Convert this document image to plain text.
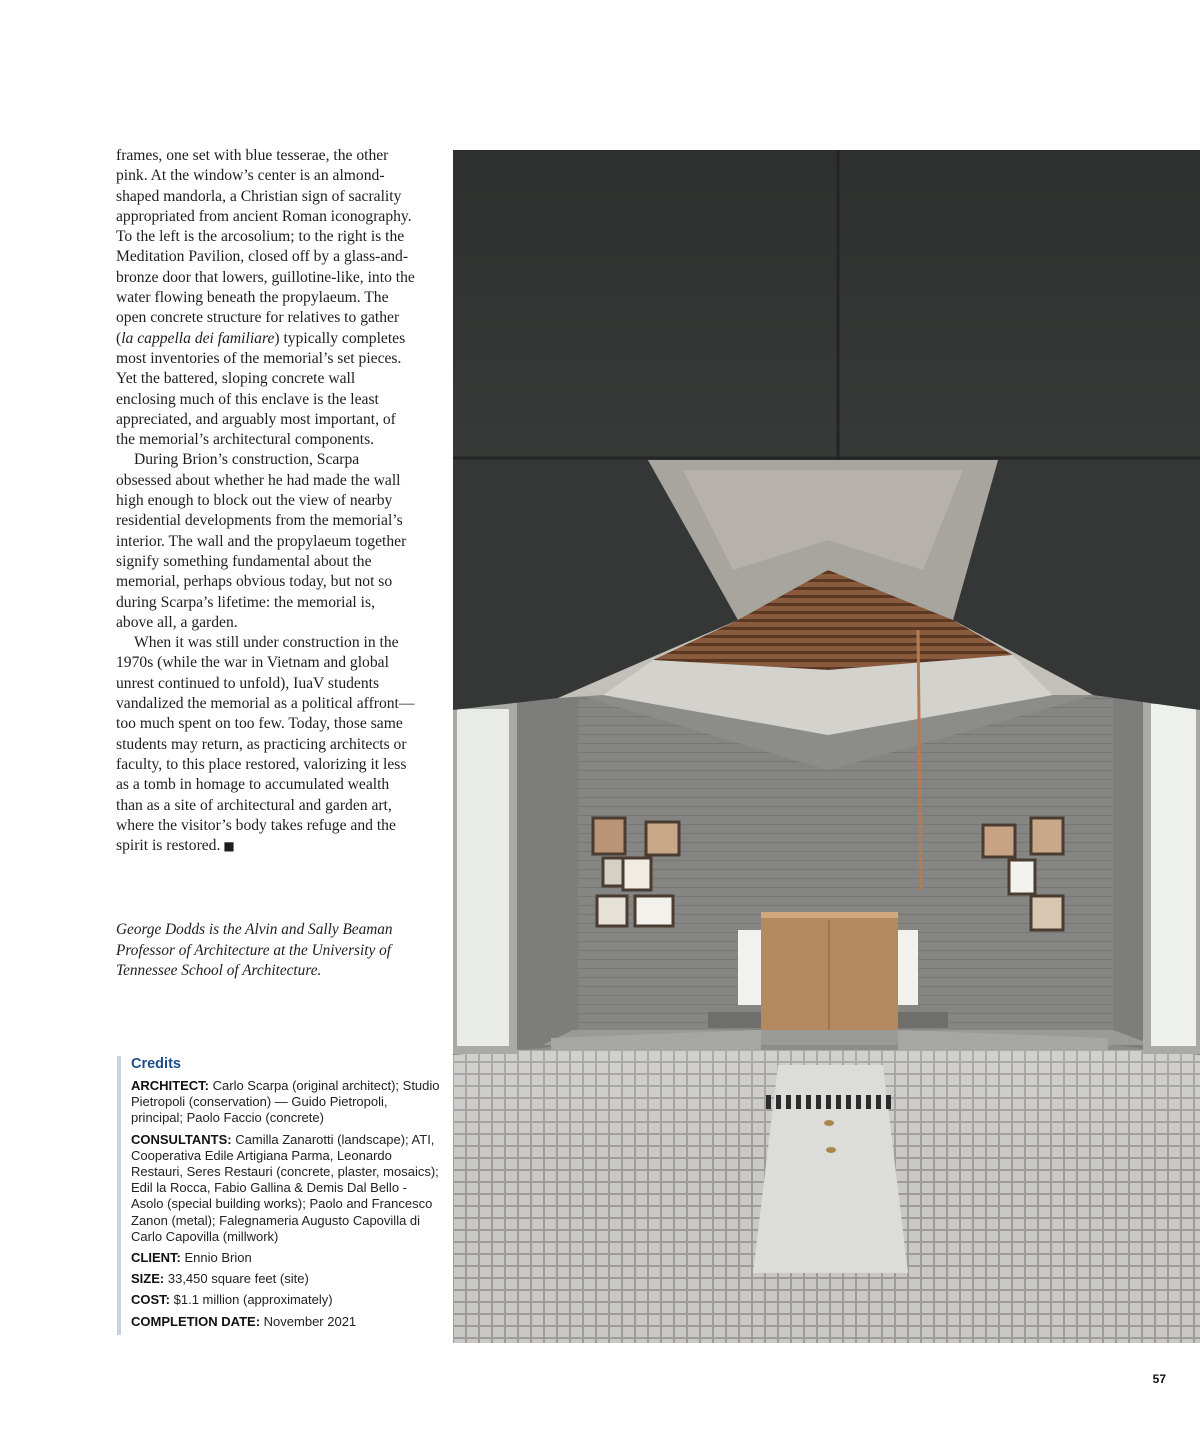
frames, one set with blue tesserae, the other pink. At the window’s center is an almond-shaped mandorla, a Christian sign of sacrality appropriated from ancient Roman iconography. To the left is the arcosolium; to the right is the Meditation Pavilion, closed off by a glass-and-bronze door that lowers, guillotine-like, into the water flowing beneath the propylaeum. The open concrete structure for relatives to gather (la cappella dei familiare) typically completes most inventories of the memorial’s set pieces. Yet the battered, sloping concrete wall enclosing much of this enclave is the least appreciated, and arguably most important, of the memorial’s architectural components.

During Brion’s construction, Scarpa obsessed about whether he had made the wall high enough to block out the view of nearby residential developments from the memorial’s interior. The wall and the propylaeum together signify something fundamental about the memorial, perhaps obvious today, but not so during Scarpa’s lifetime: the memorial is, above all, a garden.

When it was still under construction in the 1970s (while the war in Vietnam and global unrest continued to unfold), IuaV students vandalized the memorial as a political affront—too much spent on too few. Today, those same students may return, as practicing architects or faculty, to this place restored, valorizing it less as a tomb in homage to accumulated wealth than as a site of architectural and garden art, where the visitor’s body takes refuge and the spirit is restored. ■

George Dodds is the Alvin and Sally Beaman Professor of Architecture at the University of Tennessee School of Architecture.
Credits
ARCHITECT: Carlo Scarpa (original architect); Studio Pietropoli (conservation) — Guido Pietropoli, principal; Paolo Faccio (concrete)
CONSULTANTS: Camilla Zanarotti (landscape); ATI, Cooperativa Edile Artigiana Parma, Leonardo Restauri, Seres Restauri (concrete, plaster, mosaics); Edil la Rocca, Fabio Gallina & Demis Dal Bello - Asolo (special building works); Paolo and Francesco Zanon (metal); Falegnameria Augusto Capovilla di Carlo Capovilla (millwork)
CLIENT: Ennio Brion
SIZE: 33,450 square feet (site)
COST: $1.1 million (approximately)
COMPLETION DATE: November 2021
57
